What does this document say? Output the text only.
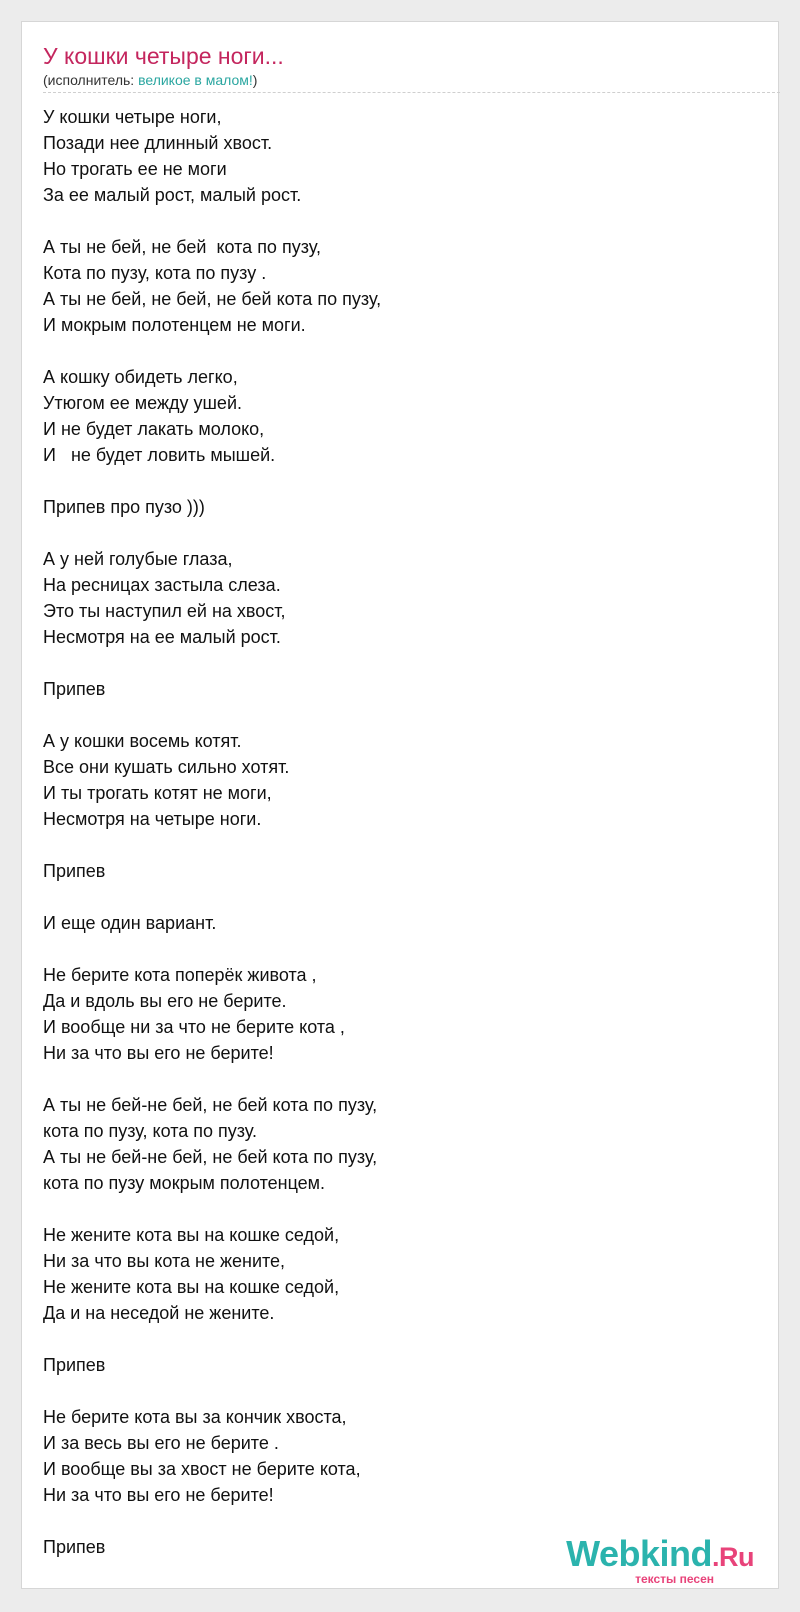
У кошки четыре ноги...
(исполнитель: великое в малом!)
У кошки четыре ноги,
Позади нее длинный хвост.
Но трогать ее не моги
За ее малый рост, малый рост.
А ты не бей, не бей  кота по пузу,
Кота по пузу, кота по пузу .
А ты не бей, не бей, не бей кота по пузу,
И мокрым полотенцем не моги.
А кошку обидеть легко,
Утюгом ее между ушей.
И не будет лакать молоко,
И   не будет ловить мышей.
Припев про пузо )))
А у ней голубые глаза,
На ресницах застыла слеза.
Это ты наступил ей на хвост,
Несмотря на ее малый рост.
Припев
А у кошки восемь котят.
Все они кушать сильно хотят.
И ты трогать котят не моги,
Несмотря на четыре ноги.
Припев
И еще один вариант.
Не берите кота поперёк живота ,
Да и вдоль вы его не берите.
И вообще ни за что не берите кота ,
Ни за что вы его не берите!
А ты не бей-не бей, не бей кота по пузу,
кота по пузу, кота по пузу.
А ты не бей-не бей, не бей кота по пузу,
кота по пузу мокрым полотенцем.
Не жените кота вы на кошке седой,
Ни за что вы кота не жените,
Не жените кота вы на кошке седой,
Да и на неседой не жените.
Припев
Не берите кота вы за кончик хвоста,
И за весь вы его не берите .
И вообще вы за хвост не берите кота,
Ни за что вы его не берите!
Припев	Webkind.Ru
тексты песен
